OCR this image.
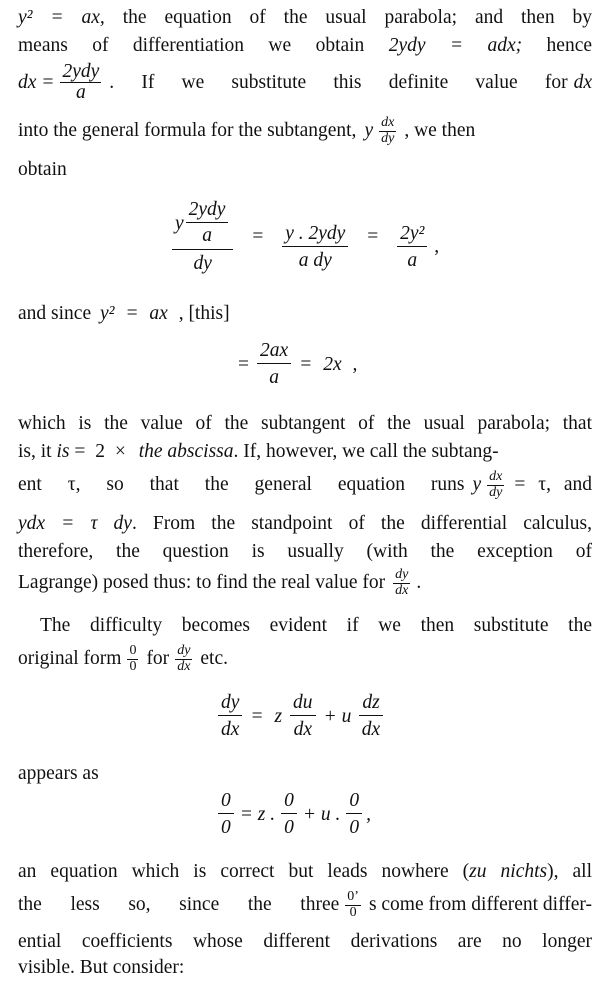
y² = ax, the equation of the usual parabola; and then by
means of differentiation we obtain 2ydy = adx; hence
dx = $\frac{\text{2ydy}}{a}$ . If we substitute this definite value for dx
into the general formula for the subtangent, y $\frac{dx}{dy}$ , we then
obtain
$\frac{y \frac{\text{2ydy}}{a}}{dy} = \frac{\text{y . 2ydy}}{\text{a dy}} = \frac{\text{2y²}}{a}$ ,
and since y² = ax , [this]
= $\frac{2ax}{a} = 2x$ ,
which is the value of the subtangent of the usual parabola; that
is, it is = 2 × the abscissa. If, however, we call the subtang-
ent τ, so that the general equation runs y $\frac{dx}{dy} = \tau$, and
ydx = τ dy. From the standpoint of the differential calculus,
therefore, the question is usually (with the exception of
Lagrange) posed thus: to find the real value for $\frac{dy}{dx}$ .
The difficulty becomes evident if we then substitute the
original form $\frac{0}{0}$ for $\frac{dy}{dx}$ etc.
$\frac{dy}{dx} = z \frac{du}{dx} + u \frac{dz}{dx}$
appears as
$\frac{0}{0} = z$ . $\frac{0}{0} + u$ . $\frac{0}{0}$ ,
an equation which is correct but leads nowhere (zu nichts), all
the less so, since the three $\frac{0’}{0}$ s come from different differ-
ential coefficients whose different derivations are no longer
visible. But consider:
